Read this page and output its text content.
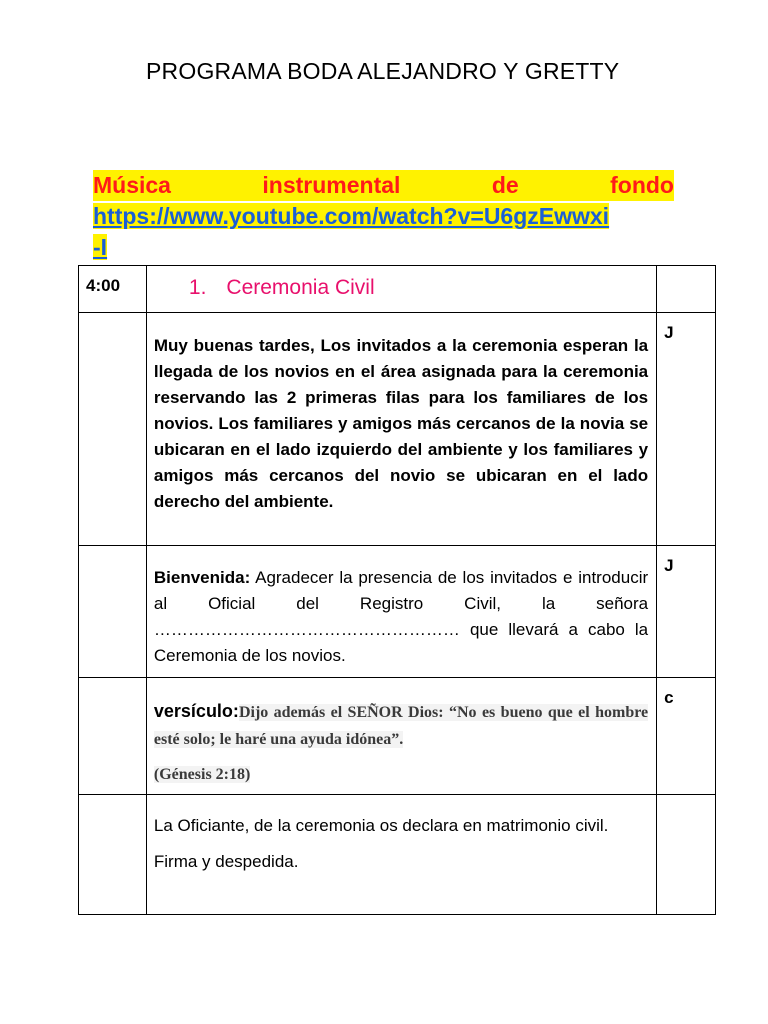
PROGRAMA BODA ALEJANDRO Y GRETTY
Música	instrumental	de	fondo
https://www.youtube.com/watch?v=U6gzEwwxi
-I
4:00	1. Ceremonia Civil	

	Muy buenas tardes, Los invitados a la ceremonia esperan la llegada de los novios en el área asignada para la ceremonia reservando las 2 primeras filas para los familiares de los novios. Los familiares y amigos más cercanos de la novia se ubicaran en el lado izquierdo del ambiente y los familiares y amigos más cercanos del novio se ubicaran en el lado derecho del ambiente.	J

	Bienvenida: Agradecer la presencia de los invitados e introducir al Oficial del Registro Civil, la señora ……………………………………………… que llevará a cabo la Ceremonia de los novios.	J

	versículo:Dijo además el SEÑOR Dios: “No es bueno que el hombre esté solo; le haré una ayuda idónea”.
(Génesis 2:18)	c

	La Oficiante, de la ceremonia os declara en matrimonio civil.
Firma y despedida.	
